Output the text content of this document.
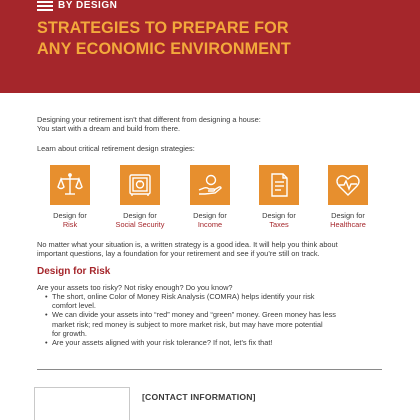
BY DESIGN
STRATEGIES TO PREPARE FOR
ANY ECONOMIC ENVIRONMENT
Designing your retirement isn’t that different from designing a house:
You start with a dream and build from there.
Learn about critical retirement design strategies:
Design for
Risk
Design for
Social Security
Design for
Income
Design for
Taxes
Design for
Healthcare
No matter what your situation is, a written strategy is a good idea. It will help you think about
important questions, lay a foundation for your retirement and see if you’re still on track.
Design for Risk
Are your assets too risky? Not risky enough? Do you know?
• The short, online Color of Money Risk Analysis (COMRA) helps identify your risk
comfort level.
• We can divide your assets into “red” money and “green” money. Green money has less
market risk; red money is subject to more market risk, but may have more potential
for growth.
• Are your assets aligned with your risk tolerance? If not, let’s fix that!
[CONTACT INFORMATION]
